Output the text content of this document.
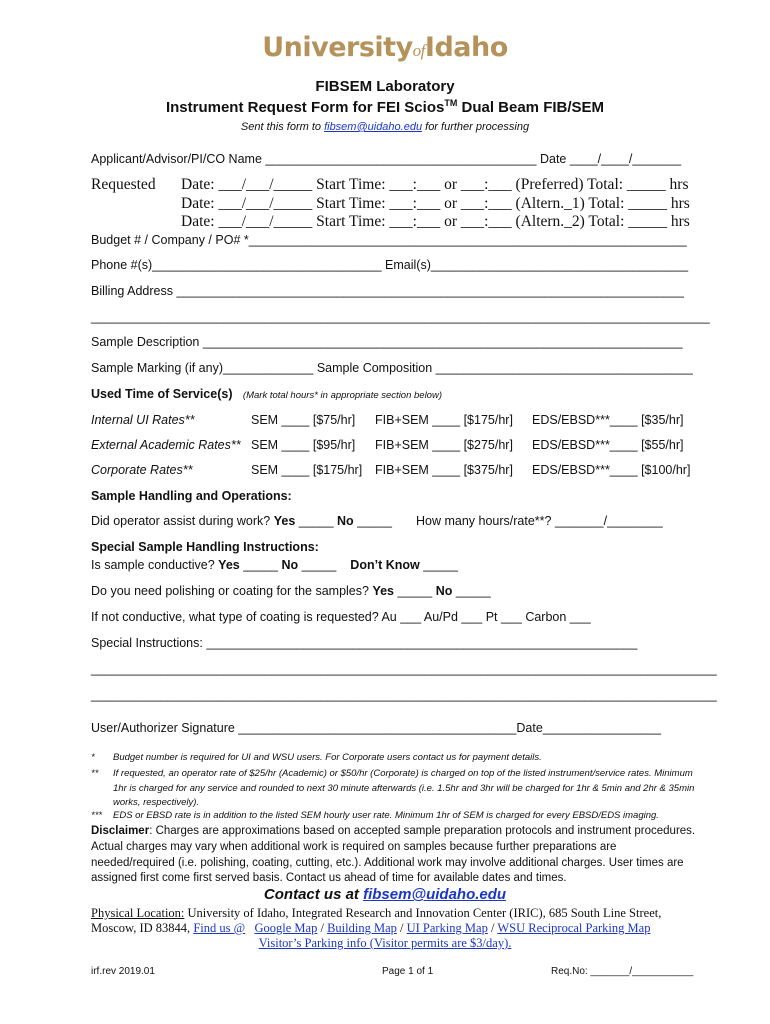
UniversityofIdaho
FIBSEM Laboratory
Instrument Request Form for FEI Scios™ Dual Beam FIB/SEM
Sent this form to fibsem@uidaho.edu for further processing
Applicant/Advisor/PI/CO Name _______________________________________ Date ____/____/_______
Requested Date: ___/___/_____ Start Time: ___:___ or ___:___ (Preferred) Total: _____ hrs
Date: ___/___/_____ Start Time: ___:___ or ___:___ (Altern._1) Total: _____ hrs
Date: ___/___/_____ Start Time: ___:___ or ___:___ (Altern._2) Total: _____ hrs
Budget # / Company / PO# *_______________________________________________________________
Phone #(s)_________________________________ Email(s)_____________________________________
Billing Address _________________________________________________________________________
_________________________________________________________________________________________
Sample Description _____________________________________________________________________
Sample Marking (if any)_____________ Sample Composition _____________________________________
Used Time of Service(s) (Mark total hours* in appropriate section below)
Internal UI Rates**	SEM ____ [$75/hr] FIB+SEM ____ [$175/hr] EDS/EBSD***____ [$35/hr]
External Academic Rates** SEM ____ [$95/hr] FIB+SEM ____ [$275/hr] EDS/EBSD***____ [$55/hr]
Corporate Rates**	SEM ____ [$175/hr] FIB+SEM ____ [$375/hr] EDS/EBSD***____ [$100/hr]
Sample Handling and Operations:
Did operator assist during work? Yes _____ No _____	How many hours/rate**? _______/________
Special Sample Handling Instructions:
Is sample conductive? Yes _____ No _____ Don’t Know _____
Do you need polishing or coating for the samples? Yes _____ No _____
If not conductive, what type of coating is requested? Au ___ Au/Pd ___ Pt ___ Carbon ___
Special Instructions: ______________________________________________________________
__________________________________________________________________________________________
__________________________________________________________________________________________
User/Authorizer Signature ________________________________________Date_________________
* Budget number is required for UI and WSU users. For Corporate users contact us for payment details.
** If requested, an operator rate of $25/hr (Academic) or $50/hr (Corporate) is charged on top of the listed instrument/service rates. Minimum 1hr is charged for any service and rounded to next 30 minute afterwards (i.e. 1.5hr and 3hr will be charged for 1hr & 5min and 2hr & 35min works, respectively).
*** EDS or EBSD rate is in addition to the listed SEM hourly user rate. Minimum 1hr of SEM is charged for every EBSD/EDS imaging.
Disclaimer: Charges are approximations based on accepted sample preparation protocols and instrument procedures. Actual charges may vary when additional work is required on samples because further preparations are needed/required (i.e. polishing, coating, cutting, etc.). Additional work may involve additional charges. User times are assigned first come first served basis. Contact us ahead of time for available dates and times.
Contact us at fibsem@uidaho.edu
Physical Location: University of Idaho, Integrated Research and Innovation Center (IRIC), 685 South Line Street,
Moscow, ID 83844, Find us @ Google Map / Building Map / UI Parking Map / WSU Reciprocal Parking Map
Visitor’s Parking info (Visitor permits are $3/day).
irf.rev 2019.01	Page 1 of 1	Req.No: _______/___________
